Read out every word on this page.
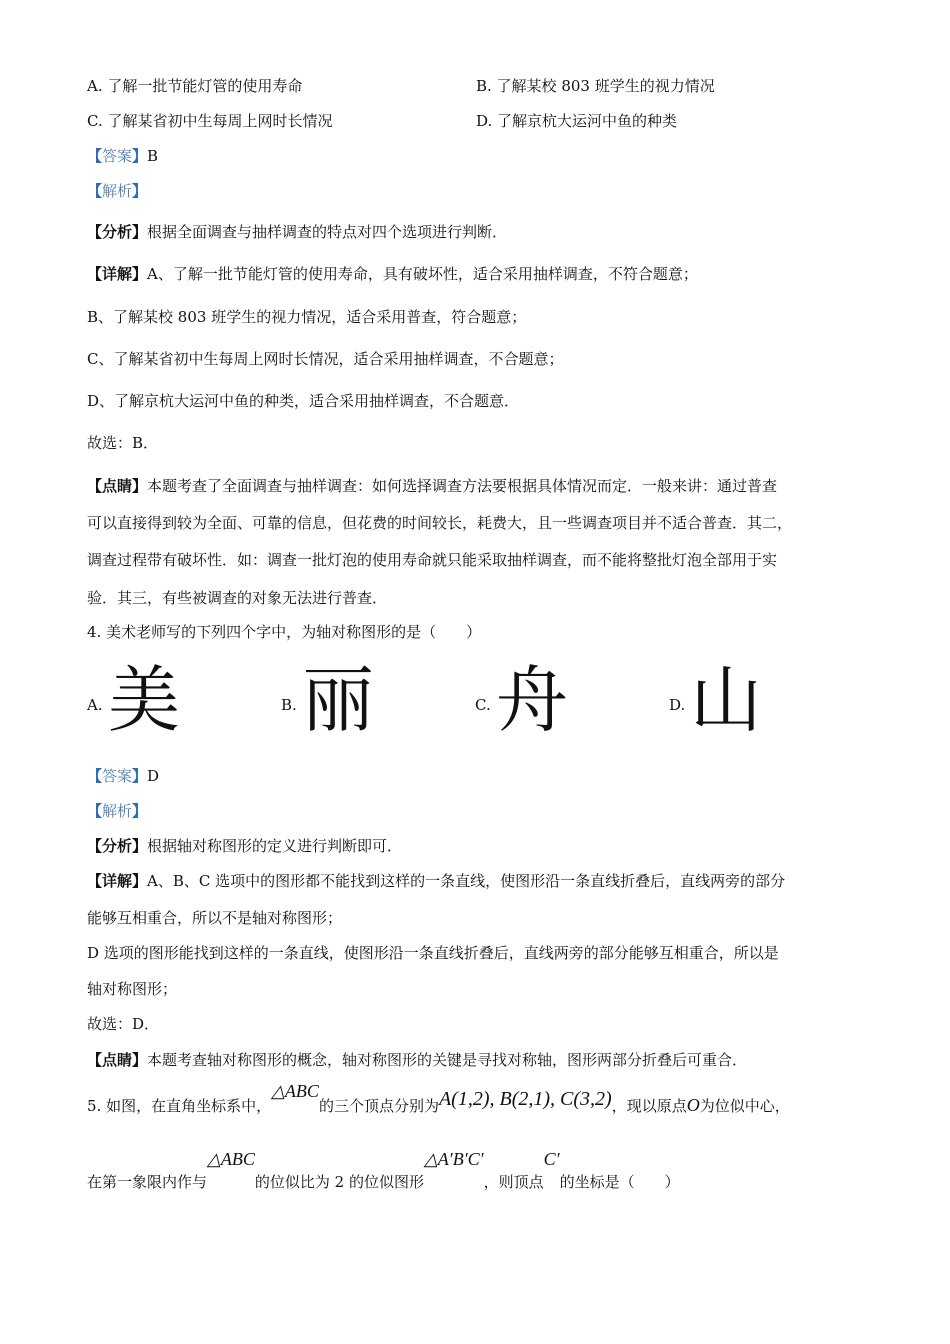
A. 了解一批节能灯管的使用寿命	B. 了解某校 803 班学生的视力情况
C. 了解某省初中生每周上网时长情况	D. 了解京杭大运河中鱼的种类
【答案】B
【解析】
【分析】根据全面调查与抽样调查的特点对四个选项进行判断．
【详解】A、了解一批节能灯管的使用寿命，具有破坏性，适合采用抽样调查，不符合题意；
B、了解某校 803 班学生的视力情况，适合采用普查，符合题意；
C、了解某省初中生每周上网时长情况，适合采用抽样调查，不合题意；
D、了解京杭大运河中鱼的种类，适合采用抽样调查，不合题意．
故选：B．
【点睛】本题考查了全面调查与抽样调查：如何选择调查方法要根据具体情况而定．一般来讲：通过普查
可以直接得到较为全面、可靠的信息，但花费的时间较长，耗费大，且一些调查项目并不适合普查．其二，
调查过程带有破坏性．如：调查一批灯泡的使用寿命就只能采取抽样调查，而不能将整批灯泡全部用于实
验．其三，有些被调查的对象无法进行普查．
4. 美术老师写的下列四个字中，为轴对称图形的是（　　）
A. 美	B. 丽	C. 舟	D. 山
【答案】D
【解析】
【分析】根据轴对称图形的定义进行判断即可．
【详解】A、B、C 选项中的图形都不能找到这样的一条直线，使图形沿一条直线折叠后，直线两旁的部分
能够互相重合，所以不是轴对称图形；
D 选项的图形能找到这样的一条直线，使图形沿一条直线折叠后，直线两旁的部分能够互相重合，所以是
轴对称图形；
故选：D．
【点睛】本题考查轴对称图形的概念，轴对称图形的关键是寻找对称轴，图形两部分折叠后可重合．
5. 如图，在直角坐标系中，△ABC的三个顶点分别为A(1,2), B(2,1), C(3,2)，现以原点O为位似中心，
在第一象限内作与△ABC的位似比为 2 的位似图形△A′B′C′，则顶点C′的坐标是（　　）
